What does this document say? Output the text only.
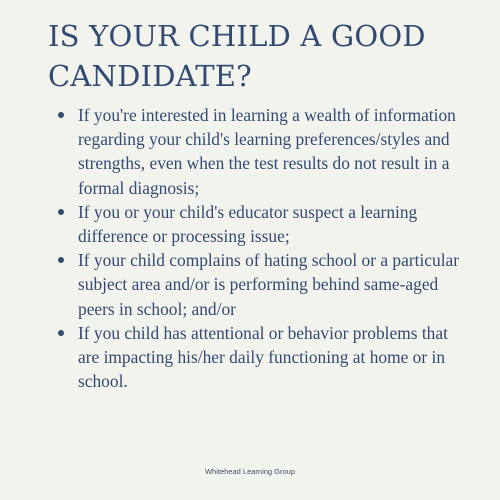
IS YOUR CHILD A GOOD
CANDIDATE?
If you're interested in learning a wealth of information regarding your child's learning preferences/styles and strengths, even when the test results do not result in a formal diagnosis;
If you or your child's educator suspect a learning difference or processing issue;
If your child complains of hating school or a particular subject area and/or is performing behind same-aged peers in school; and/or
If you child has attentional or behavior problems that are impacting his/her daily functioning at home or in school.
Whitehead Learning Group
